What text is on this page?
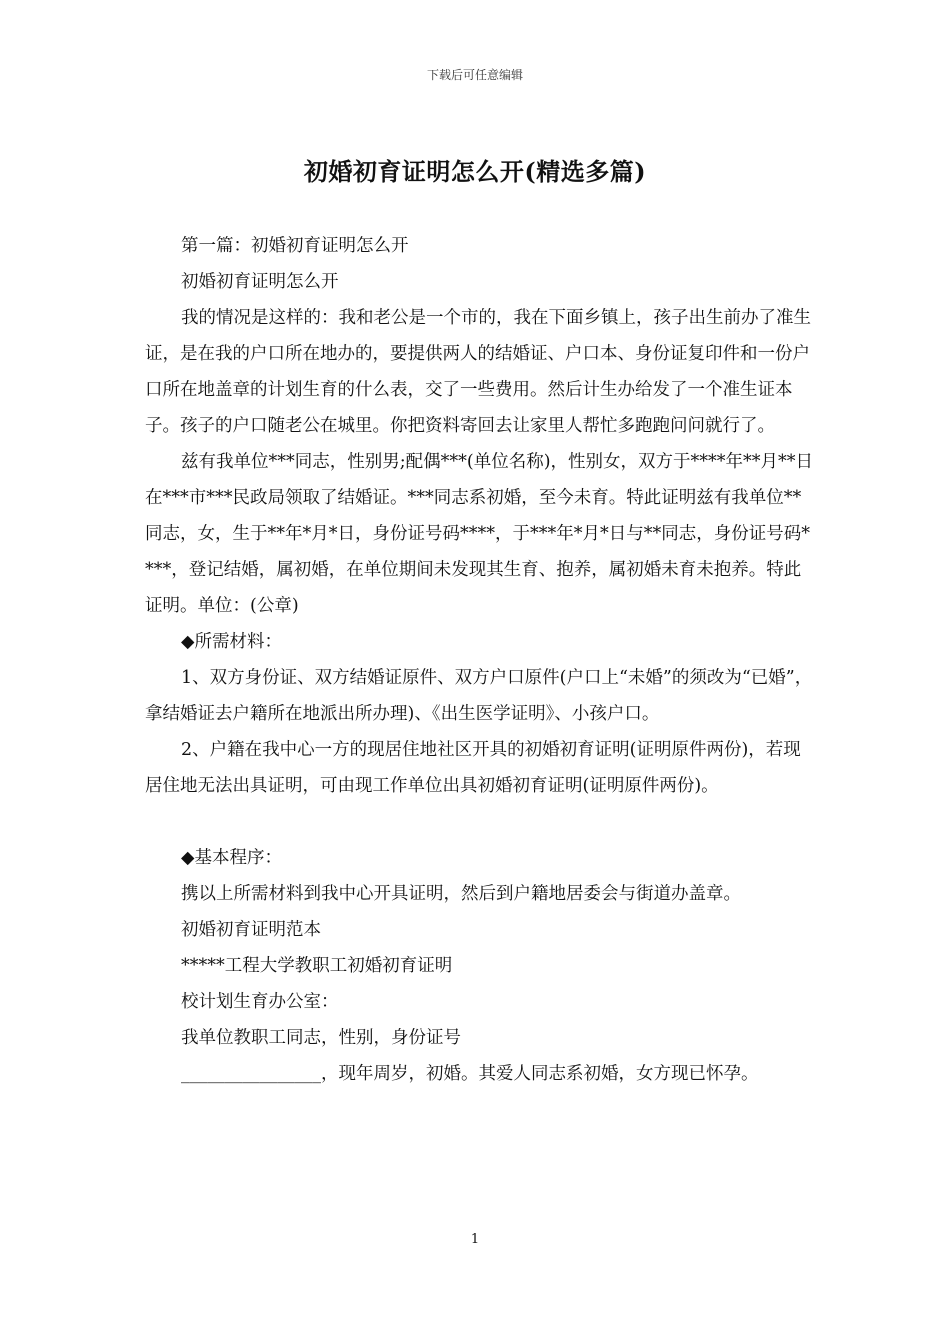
下载后可任意编辑
初婚初育证明怎么开(精选多篇)

第一篇：初婚初育证明怎么开

初婚初育证明怎么开

我的情况是这样的：我和老公是一个市的，我在下面乡镇上，孩子出生前办了准生证，是在我的户口所在地办的，要提供两人的结婚证、户口本、身份证复印件和一份户口所在地盖章的计划生育的什么表，交了一些费用。然后计生办给发了一个准生证本子。孩子的户口随老公在城里。你把资料寄回去让家里人帮忙多跑跑问问就行了。

兹有我单位***同志，性别男;配偶***(单位名称)，性别女，双方于****年**月**日在***市***民政局领取了结婚证。***同志系初婚，至今未育。特此证明兹有我单位**同志，女，生于**年*月*日，身份证号码****，于***年*月*日与**同志，身份证号码****，登记结婚，属初婚，在单位期间未发现其生育、抱养，属初婚未育未抱养。特此证明。单位：(公章)

◆所需材料：

1、双方身份证、双方结婚证原件、双方户口原件(户口上“未婚”的须改为“已婚”，拿结婚证去户籍所在地派出所办理)、《出生医学证明》、小孩户口。

2、户籍在我中心一方的现居住地社区开具的初婚初育证明(证明原件两份)，若现居住地无法出具证明，可由现工作单位出具初婚初育证明(证明原件两份)。

◆基本程序：

携以上所需材料到我中心开具证明，然后到户籍地居委会与街道办盖章。

初婚初育证明范本

*****工程大学教职工初婚初育证明

校计划生育办公室：

我单位教职工同志，性别，身份证号

________________，现年周岁，初婚。其爱人同志系初婚，女方现已怀孕。

1
